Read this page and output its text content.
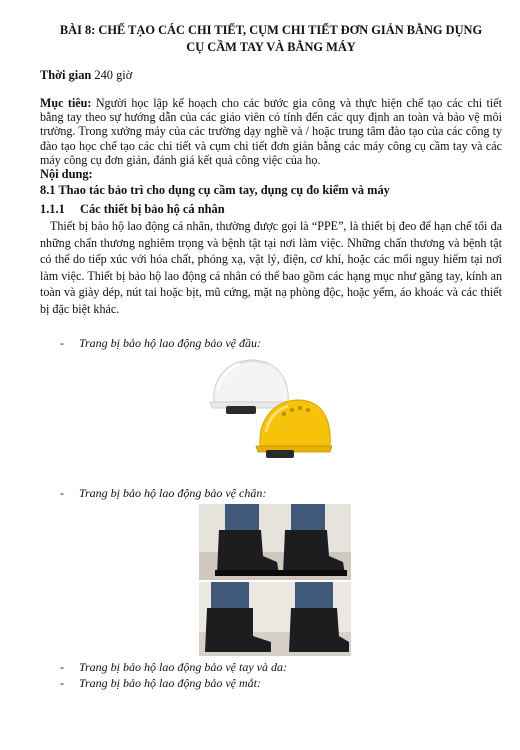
BÀI 8: CHẾ TẠO CÁC CHI TIẾT, CỤM CHI TIẾT ĐƠN GIẢN BẰNG DỤNG

CỤ CẦM TAY VÀ BẰNG MÁY

Thời gian 240 giờ

Mục tiêu: Người học lập kế hoạch cho các bước gia công và thực hiện chế tạo các chi tiết bằng tay theo sự hướng dẫn của các giáo viên có tính đến các quy định an toàn và bảo vệ môi trường. Trong xưởng máy của các trường dạy nghề và / hoặc trung tâm đào tạo của các công ty đào tạo học chế tạo các chi tiết và cụm chi tiết đơn giản bằng các máy công cụ cầm tay và các máy công cụ đơn giản, đánh giá kết quả công việc của họ.

Nội dung:
8.1 Thao tác bảo trì cho dụng cụ cầm tay, dụng cụ đo kiểm và máy
1.1.1 Các thiết bị bảo hộ cá nhân

Thiết bị bảo hộ lao động cá nhân, thường được gọi là “PPE”, là thiết bị đeo để hạn chế tối đa những chấn thương nghiêm trọng và bệnh tật tại nơi làm việc. Những chấn thương và bệnh tật có thể do tiếp xúc với hóa chất, phóng xạ, vật lý, điện, cơ khí, hoặc các mối nguy hiểm tại nơi làm việc. Thiết bị bảo hộ lao động cá nhân có thể bao gồm các hạng mục như găng tay, kính an toàn và giày dép, nút tai hoặc bịt, mũ cứng, mặt nạ phòng độc, hoặc yếm, áo khoác và các thiết bị đặc biệt khác.

- Trang bị bảo hộ lao động bảo vệ đầu:
- Trang bị bảo hộ lao động bảo vệ chân:
- Trang bị bảo hộ lao động bảo vệ tay và da:
- Trang bị bảo hộ lao động bảo vệ mắt:
